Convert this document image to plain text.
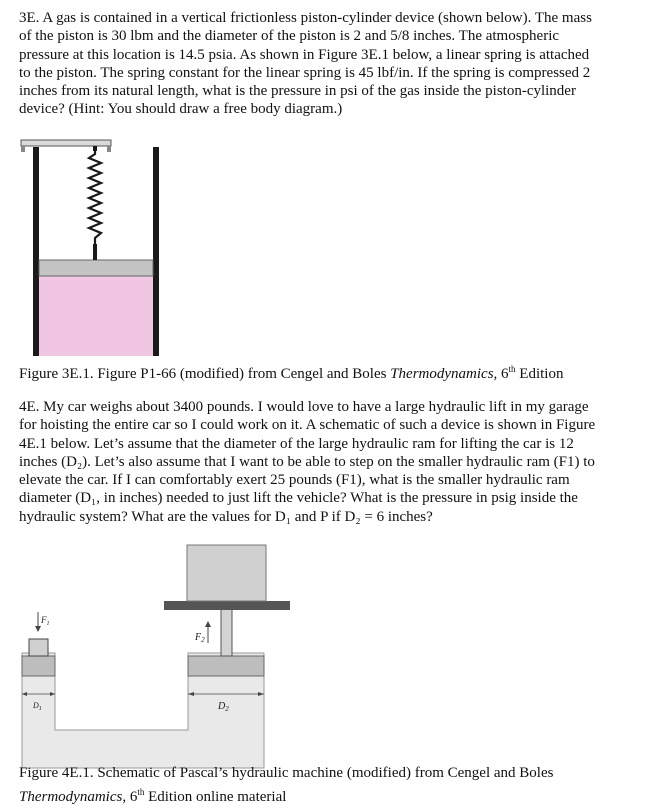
3E. A gas is contained in a vertical frictionless piston-cylinder device (shown below). The mass
of the piston is 30 lbm and the diameter of the piston is 2 and 5/8 inches. The atmospheric
pressure at this location is 14.5 psia. As shown in Figure 3E.1 below, a linear spring is attached
to the piston. The spring constant for the linear spring is 45 lbf/in. If the spring is compressed 2
inches from its natural length, what is the pressure in psi of the gas inside the piston-cylinder
device? (Hint: You should draw a free body diagram.)
$F_1$
$F_2$
$D_1$	$D_2$
Figure 3E.1. Figure P1-66 (modified) from Cengel and Boles Thermodynamics, 6th Edition
4E. My car weighs about 3400 pounds. I would love to have a large hydraulic lift in my garage
for hoisting the entire car so I could work on it. A schematic of such a device is shown in Figure
4E.1 below. Let’s assume that the diameter of the large hydraulic ram for lifting the car is 12
inches (D₂). Let’s also assume that I want to be able to step on the smaller hydraulic ram (F1) to
elevate the car. If I can comfortably exert 25 pounds (F1), what is the smaller hydraulic ram
diameter (D₁, in inches) needed to just lift the vehicle? What is the pressure in psig inside the
hydraulic system? What are the values for D₁ and P if D₂ = 6 inches?
Figure 4E.1. Schematic of Pascal’s hydraulic machine (modified) from Cengel and Boles
Thermodynamics, 6th Edition online material
